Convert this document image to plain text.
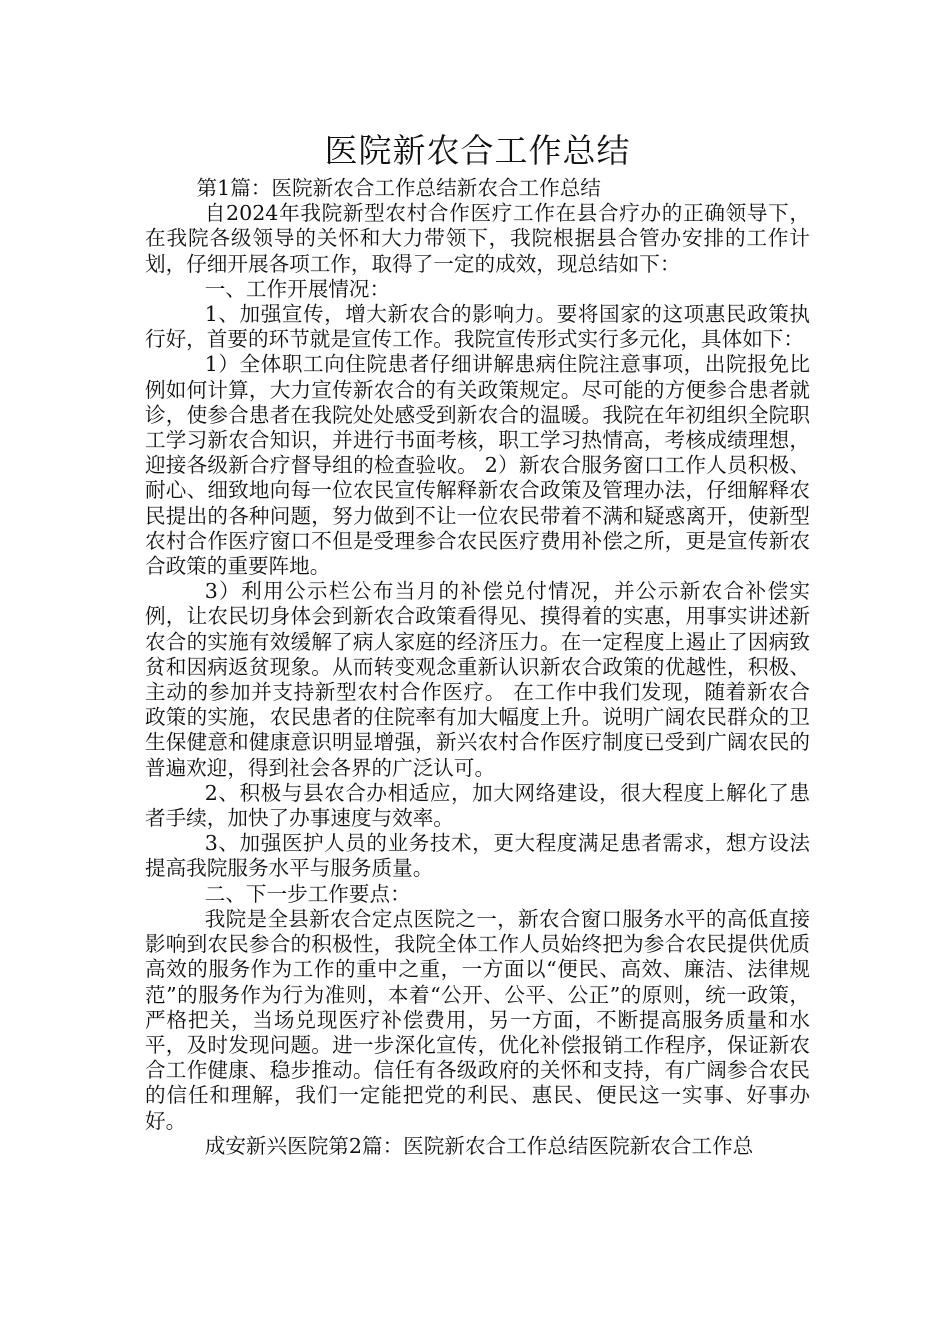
医院新农合工作总结

第1篇：医院新农合工作总结新农合工作总结

自2024年我院新型农村合作医疗工作在县合疗办的正确领导下，在我院各级领导的关怀和大力带领下，我院根据县合管办安排的工作计划，仔细开展各项工作，取得了一定的成效，现总结如下：

一、工作开展情况：

1、加强宣传，增大新农合的影响力。要将国家的这项惠民政策执行好，首要的环节就是宣传工作。我院宣传形式实行多元化，具体如下：

1）全体职工向住院患者仔细讲解患病住院注意事项，出院报免比例如何计算，大力宣传新农合的有关政策规定。尽可能的方便参合患者就诊，使参合患者在我院处处感受到新农合的温暖。我院在年初组织全院职工学习新农合知识，并进行书面考核，职工学习热情高，考核成绩理想，迎接各级新合疗督导组的检查验收。 2）新农合服务窗口工作人员积极、耐心、细致地向每一位农民宣传解释新农合政策及管理办法，仔细解释农民提出的各种问题，努力做到不让一位农民带着不满和疑惑离开，使新型农村合作医疗窗口不但是受理参合农民医疗费用补偿之所，更是宣传新农合政策的重要阵地。

3）利用公示栏公布当月的补偿兑付情况，并公示新农合补偿实例，让农民切身体会到新农合政策看得见、摸得着的实惠，用事实讲述新农合的实施有效缓解了病人家庭的经济压力。在一定程度上遏止了因病致贫和因病返贫现象。从而转变观念重新认识新农合政策的优越性，积极、主动的参加并支持新型农村合作医疗。 在工作中我们发现，随着新农合政策的实施，农民患者的住院率有加大幅度上升。说明广阔农民群众的卫生保健意和健康意识明显增强，新兴农村合作医疗制度已受到广阔农民的普遍欢迎，得到社会各界的广泛认可。

2、积极与县农合办相适应，加大网络建设，很大程度上解化了患者手续，加快了办事速度与效率。

3、加强医护人员的业务技术，更大程度满足患者需求，想方设法提高我院服务水平与服务质量。

二、下一步工作要点：

我院是全县新农合定点医院之一，新农合窗口服务水平的高低直接影响到农民参合的积极性，我院全体工作人员始终把为参合农民提供优质高效的服务作为工作的重中之重，一方面以“便民、高效、廉洁、法律规范”的服务作为行为准则，本着“公开、公平、公正”的原则，统一政策，严格把关，当场兑现医疗补偿费用，另一方面，不断提高服务质量和水平，及时发现问题。进一步深化宣传，优化补偿报销工作程序，保证新农合工作健康、稳步推动。信任有各级政府的关怀和支持，有广阔参合农民的信任和理解，我们一定能把党的利民、惠民、便民这一实事、好事办好。

成安新兴医院第2篇：医院新农合工作总结医院新农合工作总
